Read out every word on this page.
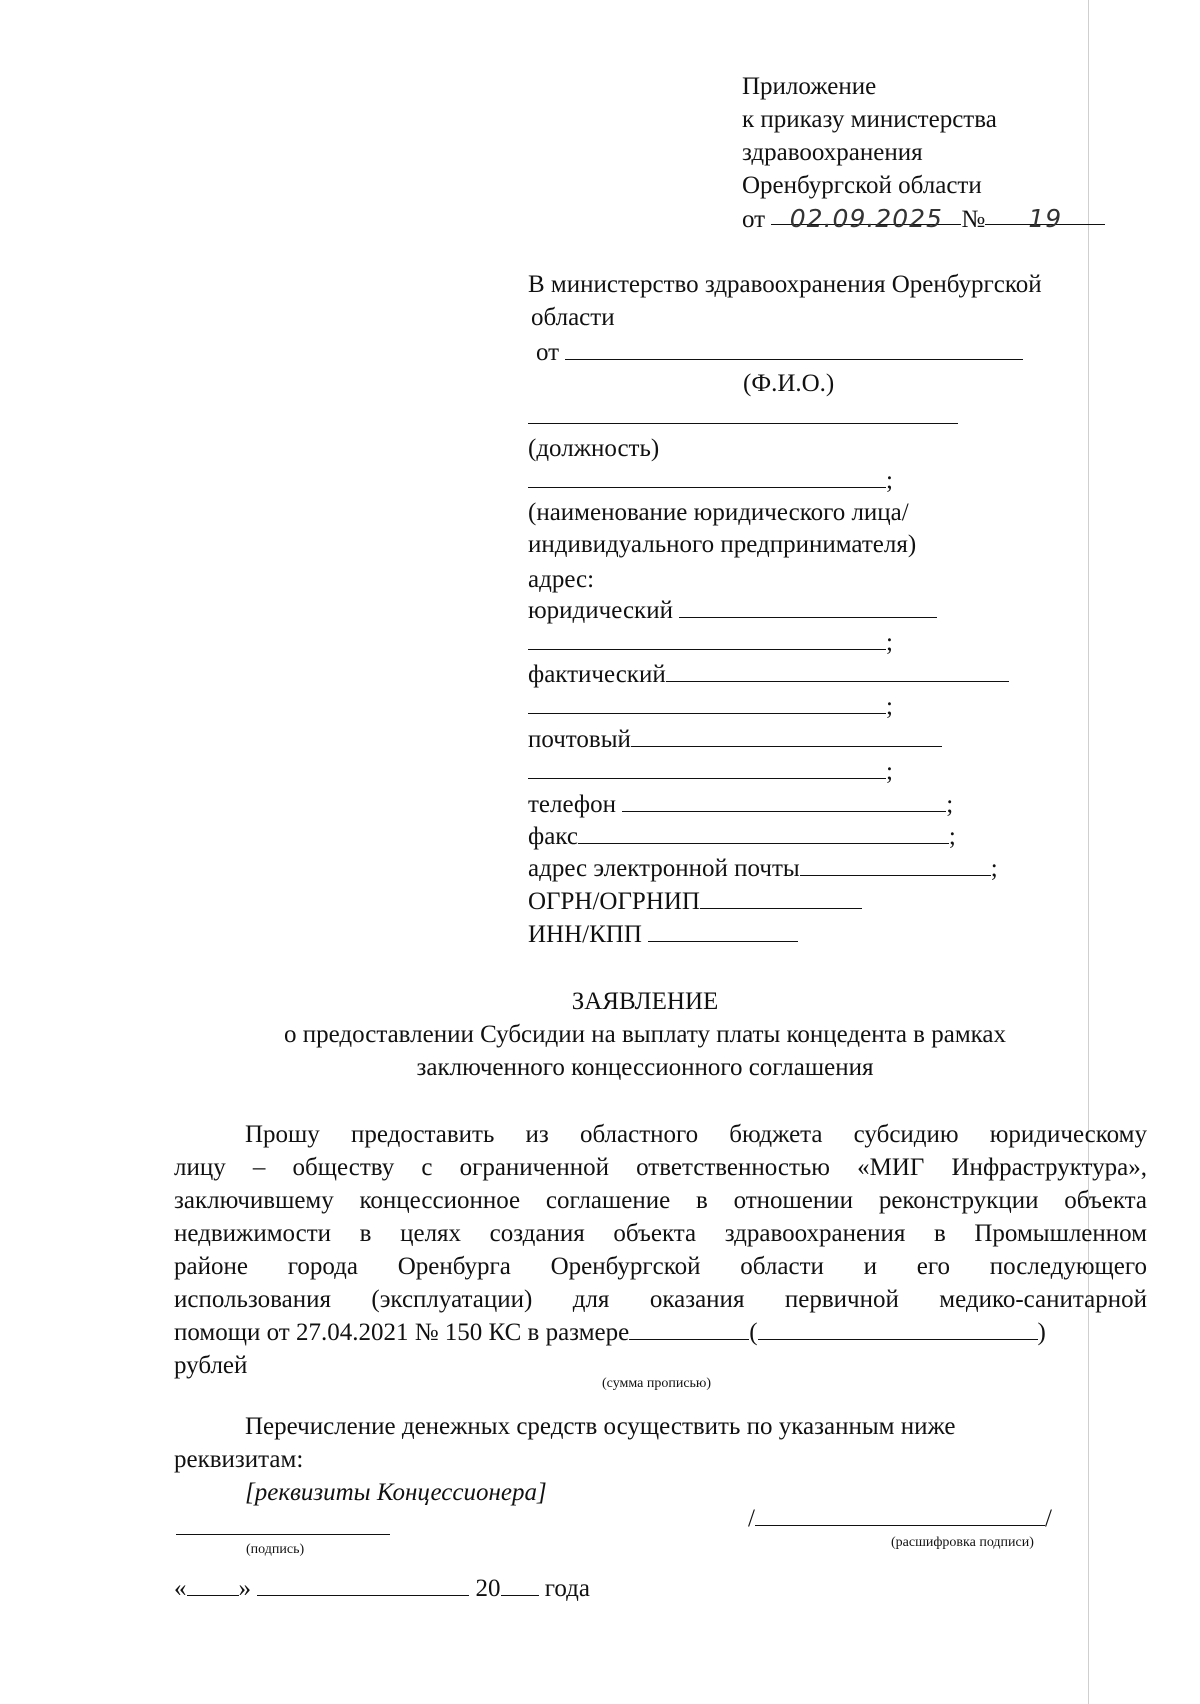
Приложение
к приказу министерства
здравоохранения
Оренбургской области
от 02.09.2025 № 19
В министерство здравоохранения Оренбургской
области
от
(Ф.И.О.)
(должность)
;
(наименование юридического лица/
индивидуального предпринимателя)
адрес:
юридический
;
фактический
;
почтовый
;
телефон	;
факс	;
адрес электронной почты	;
ОГРН/ОГРНИП
ИНН/КПП
ЗАЯВЛЕНИЕ
о предоставлении Субсидии на выплату платы концедента в рамках
заключенного концессионного соглашения
Прошу предоставить из областного бюджета субсидию юридическому
лицу – обществу с ограниченной ответственностью «МИГ Инфраструктура»,
заключившему концессионное соглашение в отношении реконструкции объекта
недвижимости в целях создания объекта здравоохранения в Промышленном
районе города Оренбурга Оренбургской области и его последующего
использования (эксплуатации) для оказания первичной медико-санитарной
помощи от 27.04.2021 № 150 КС в размере	(	)
рублей
(сумма прописью)
Перечисление денежных средств осуществить по указанным ниже
реквизитам:
[реквизиты Концессионера]
(подпись)
/	/
(расшифровка подписи)
« »	20 года
